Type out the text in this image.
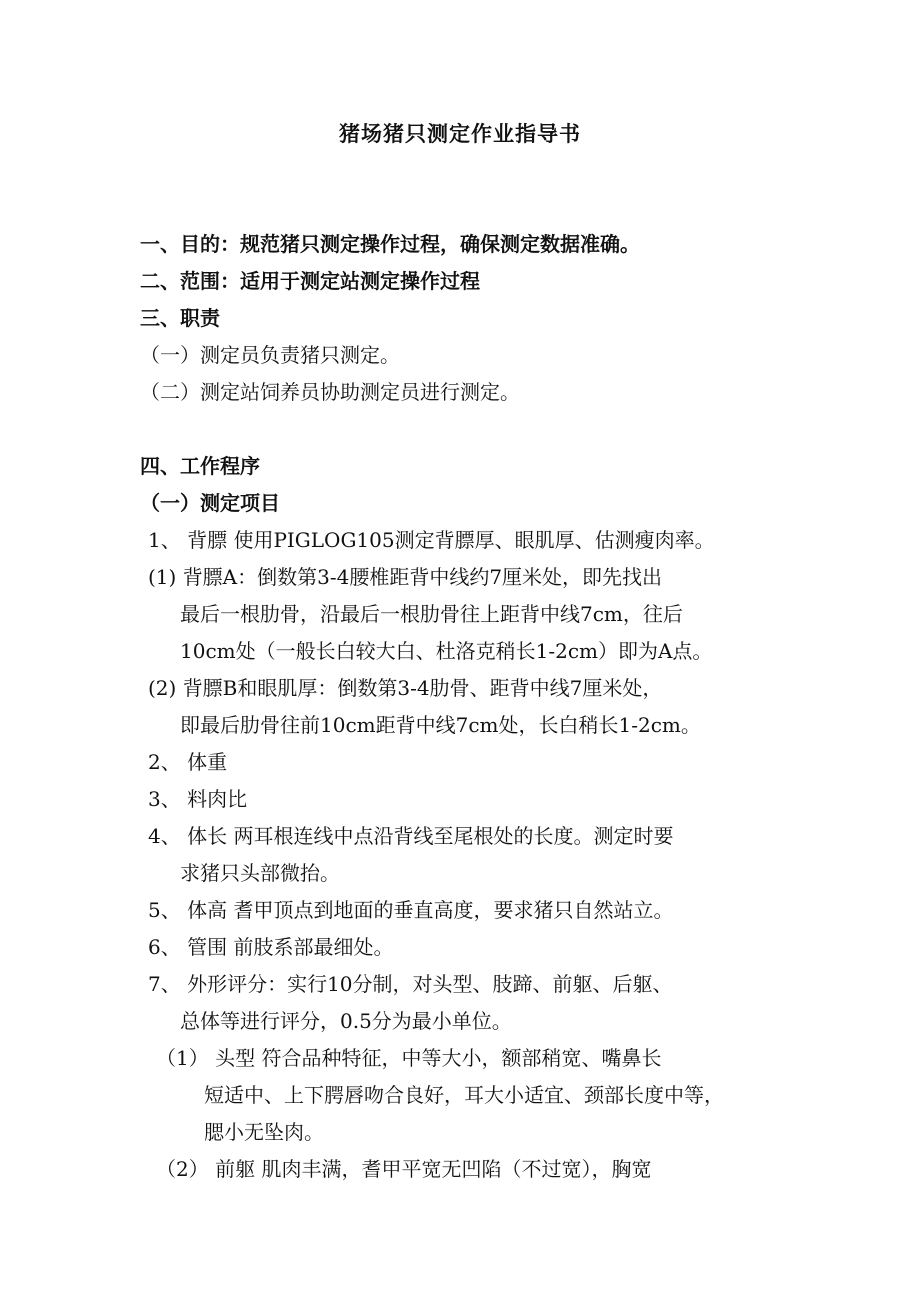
猪场猪只测定作业指导书
一、目的：规范猪只测定操作过程，确保测定数据准确。
二、范围：适用于测定站测定操作过程
三、职责
（一）测定员负责猪只测定。
（二）测定站饲养员协助测定员进行测定。
四、工作程序
（一）测定项目
1、 背膘 使用PIGLOG105测定背膘厚、眼肌厚、估测瘦肉率。
(1) 背膘A：倒数第3-4腰椎距背中线约7厘米处，即先找出
最后一根肋骨，沿最后一根肋骨往上距背中线7cm，往后
10cm处（一般长白较大白、杜洛克稍长1-2cm）即为A点。
(2) 背膘B和眼肌厚：倒数第3-4肋骨、距背中线7厘米处，
即最后肋骨往前10cm距背中线7cm处，长白稍长1-2cm。
2、 体重
3、 料肉比
4、 体长 两耳根连线中点沿背线至尾根处的长度。测定时要
求猪只头部微抬。
5、 体高 耆甲顶点到地面的垂直高度，要求猪只自然站立。
6、 管围 前肢系部最细处。
7、 外形评分：实行10分制，对头型、肢蹄、前躯、后躯、
总体等进行评分，0.5分为最小单位。
（1） 头型 符合品种特征，中等大小，额部稍宽、嘴鼻长
短适中、上下腭唇吻合良好，耳大小适宜、颈部长度中等，
腮小无坠肉。
（2） 前躯 肌肉丰满，耆甲平宽无凹陷（不过宽），胸宽
